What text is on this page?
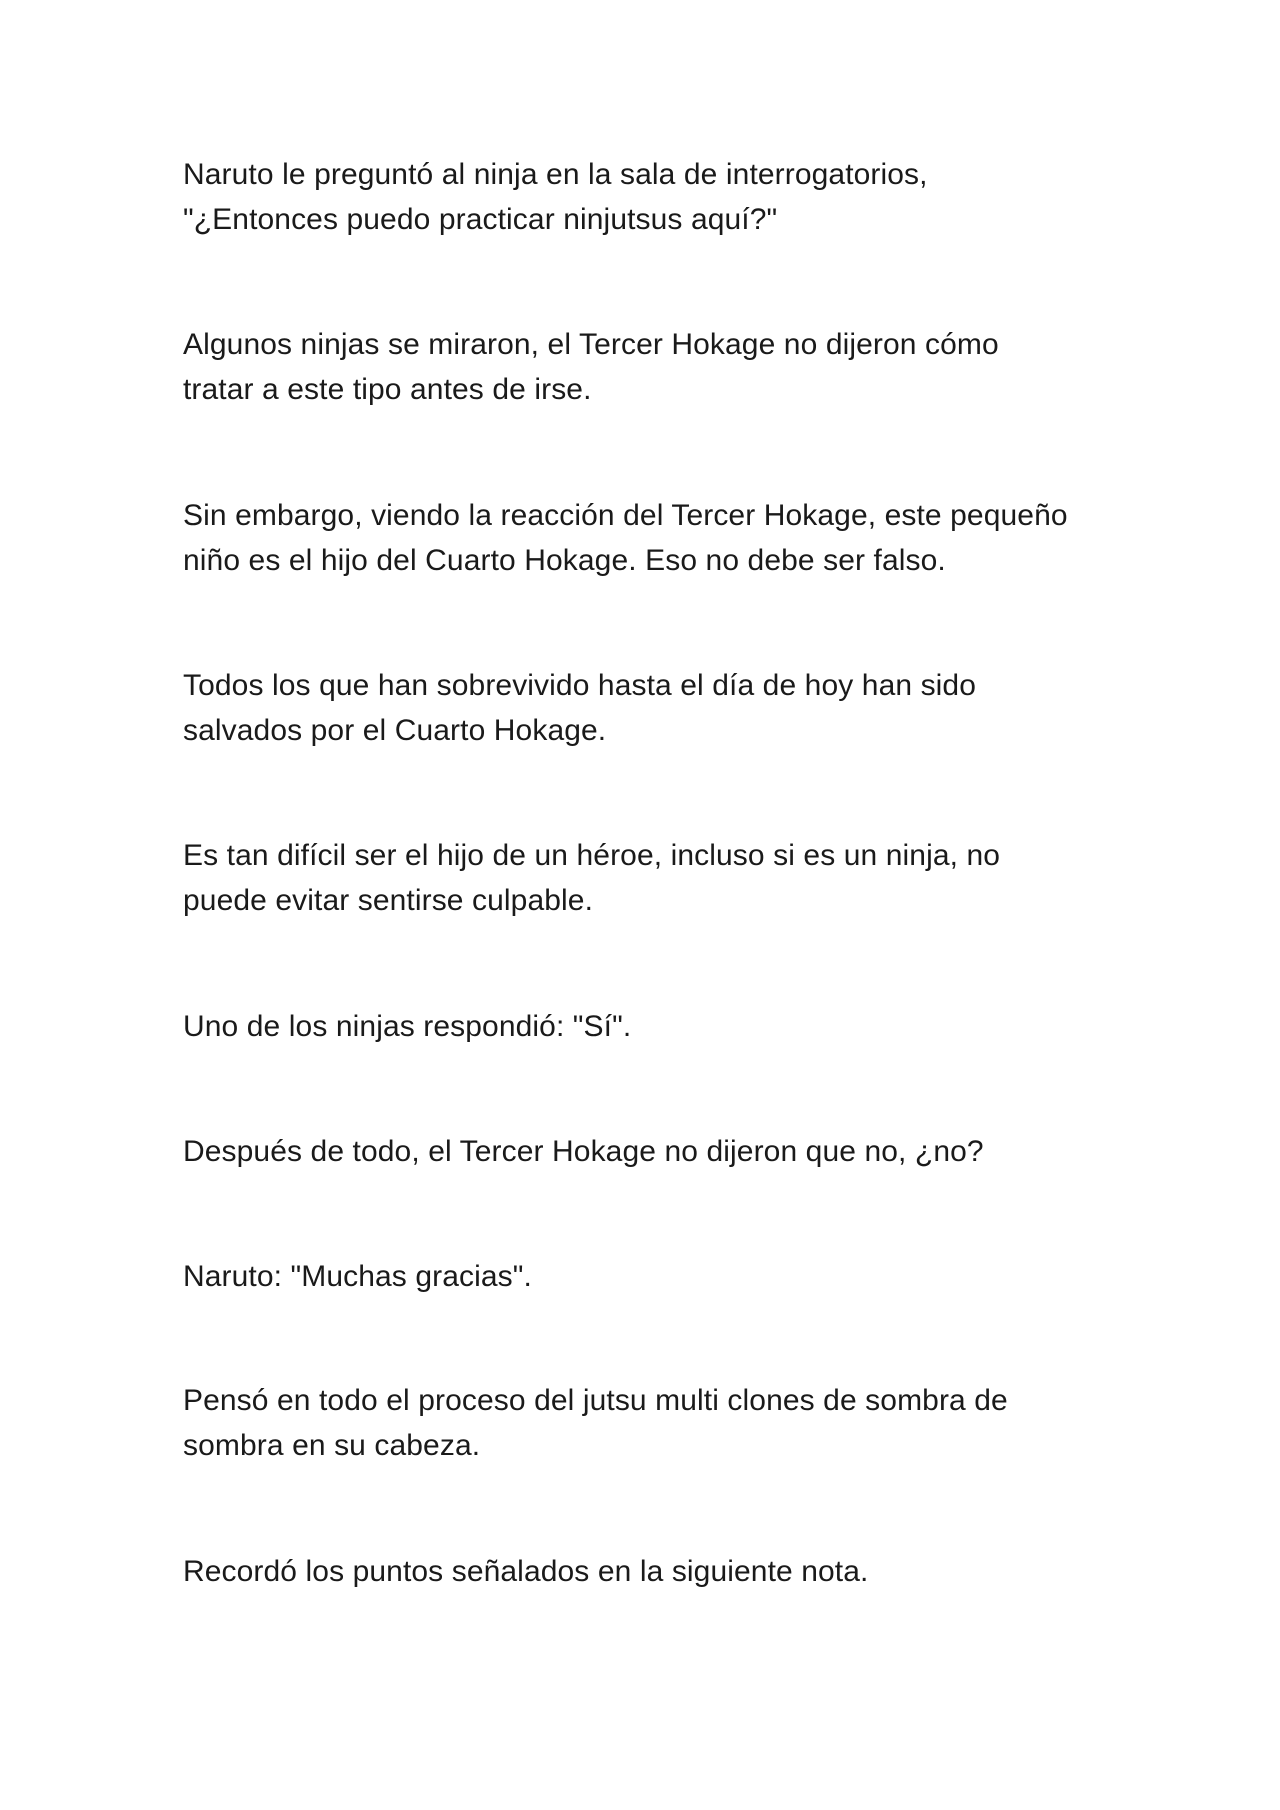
Naruto le preguntó al ninja en la sala de interrogatorios,
"¿Entonces puedo practicar ninjutsus aquí?"

Algunos ninjas se miraron, el Tercer Hokage no dijeron cómo
tratar a este tipo antes de irse.

Sin embargo, viendo la reacción del Tercer Hokage, este pequeño
niño es el hijo del Cuarto Hokage. Eso no debe ser falso.

Todos los que han sobrevivido hasta el día de hoy han sido
salvados por el Cuarto Hokage.

Es tan difícil ser el hijo de un héroe, incluso si es un ninja, no
puede evitar sentirse culpable.

Uno de los ninjas respondió: "Sí".

Después de todo, el Tercer Hokage no dijeron que no, ¿no?

Naruto: "Muchas gracias".

Pensó en todo el proceso del jutsu multi clones de sombra de
sombra en su cabeza.

Recordó los puntos señalados en la siguiente nota.
